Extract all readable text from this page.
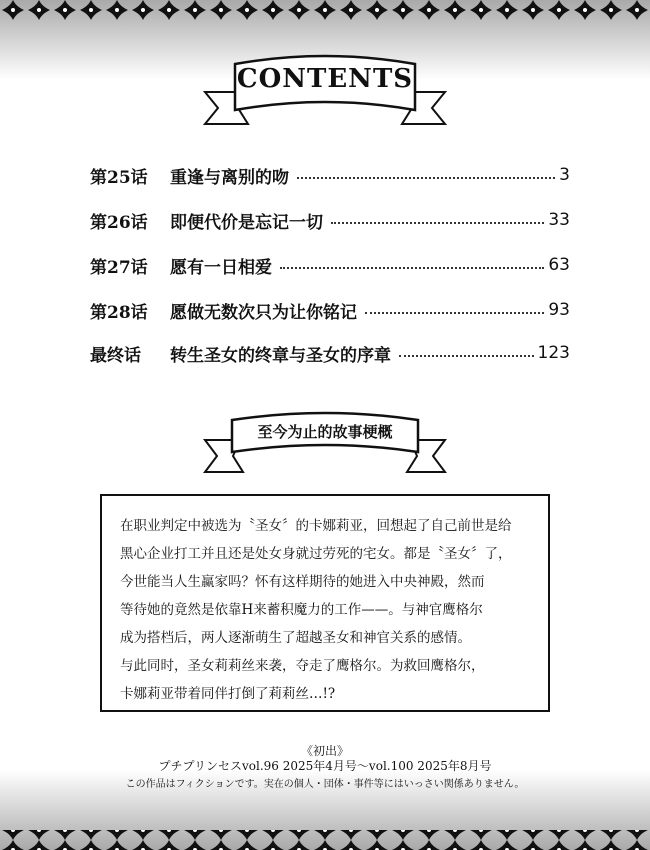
CONTENTS
第25话	重逢与离别的吻	3
第26话	即便代价是忘记一切	33
第27话	愿有一日相爱	63
第28话	愿做无数次只为让你铭记	93
最终话	转生圣女的终章与圣女的序章	123
至今为止的故事梗概
在职业判定中被选为〝圣女〞的卡娜莉亚，回想起了自己前世是给
黑心企业打工并且还是处女身就过劳死的宅女。都是〝圣女〞了，
今世能当人生赢家吗？怀有这样期待的她进入中央神殿，然而
等待她的竟然是依靠H来蓄积魔力的工作——。与神官鹰格尔
成为搭档后，两人逐渐萌生了超越圣女和神官关系的感情。
与此同时，圣女莉莉丝来袭，夺走了鹰格尔。为救回鹰格尔，
卡娜莉亚带着同伴打倒了莉莉丝…!?
《初出》
プチプリンセスvol.96 2025年4月号～vol.100 2025年8月号
この作品はフィクションです。実在の個人・団体・事件等にはいっさい関係ありません。
